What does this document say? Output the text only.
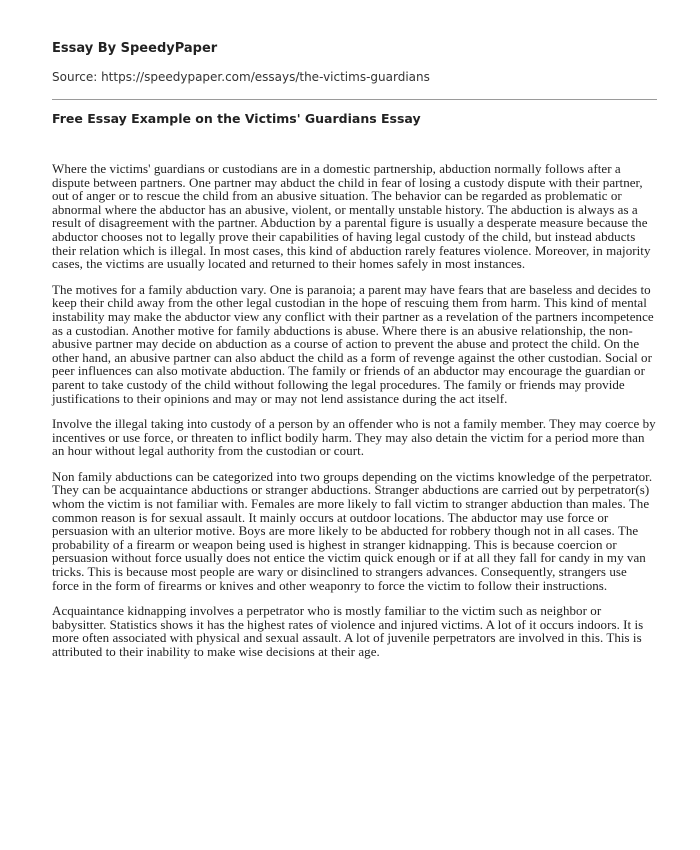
Essay By SpeedyPaper

Source: https://speedypaper.com/essays/the-victims-guardians

Free Essay Example on the Victims' Guardians Essay

Where the victims' guardians or custodians are in a domestic partnership, abduction normally follows after a dispute between partners. One partner may abduct the child in fear of losing a custody dispute with their partner, out of anger or to rescue the child from an abusive situation. The behavior can be regarded as problematic or abnormal where the abductor has an abusive, violent, or mentally unstable history. The abduction is always as a result of disagreement with the partner. Abduction by a parental figure is usually a desperate measure because the abductor chooses not to legally prove their capabilities of having legal custody of the child, but instead abducts their relation which is illegal. In most cases, this kind of abduction rarely features violence. Moreover, in majority cases, the victims are usually located and returned to their homes safely in most instances.

The motives for a family abduction vary. One is paranoia; a parent may have fears that are baseless and decides to keep their child away from the other legal custodian in the hope of rescuing them from harm. This kind of mental instability may make the abductor view any conflict with their partner as a revelation of the partners incompetence as a custodian. Another motive for family abductions is abuse. Where there is an abusive relationship, the non-abusive partner may decide on abduction as a course of action to prevent the abuse and protect the child. On the other hand, an abusive partner can also abduct the child as a form of revenge against the other custodian. Social or peer influences can also motivate abduction. The family or friends of an abductor may encourage the guardian or parent to take custody of the child without following the legal procedures. The family or friends may provide justifications to their opinions and may or may not lend assistance during the act itself.

Involve the illegal taking into custody of a person by an offender who is not a family member. They may coerce by incentives or use force, or threaten to inflict bodily harm. They may also detain the victim for a period more than an hour without legal authority from the custodian or court.

Non family abductions can be categorized into two groups depending on the victims knowledge of the perpetrator. They can be acquaintance abductions or stranger abductions. Stranger abductions are carried out by perpetrator(s) whom the victim is not familiar with. Females are more likely to fall victim to stranger abduction than males. The common reason is for sexual assault. It mainly occurs at outdoor locations. The abductor may use force or persuasion with an ulterior motive. Boys are more likely to be abducted for robbery though not in all cases. The probability of a firearm or weapon being used is highest in stranger kidnapping. This is because coercion or persuasion without force usually does not entice the victim quick enough or if at all they fall for candy in my van tricks. This is because most people are wary or disinclined to strangers advances. Consequently, strangers use force in the form of firearms or knives and other weaponry to force the victim to follow their instructions.

Acquaintance kidnapping involves a perpetrator who is mostly familiar to the victim such as neighbor or babysitter. Statistics shows it has the highest rates of violence and injured victims. A lot of it occurs indoors. It is more often associated with physical and sexual assault. A lot of juvenile perpetrators are involved in this. This is attributed to their inability to make wise decisions at their age.
